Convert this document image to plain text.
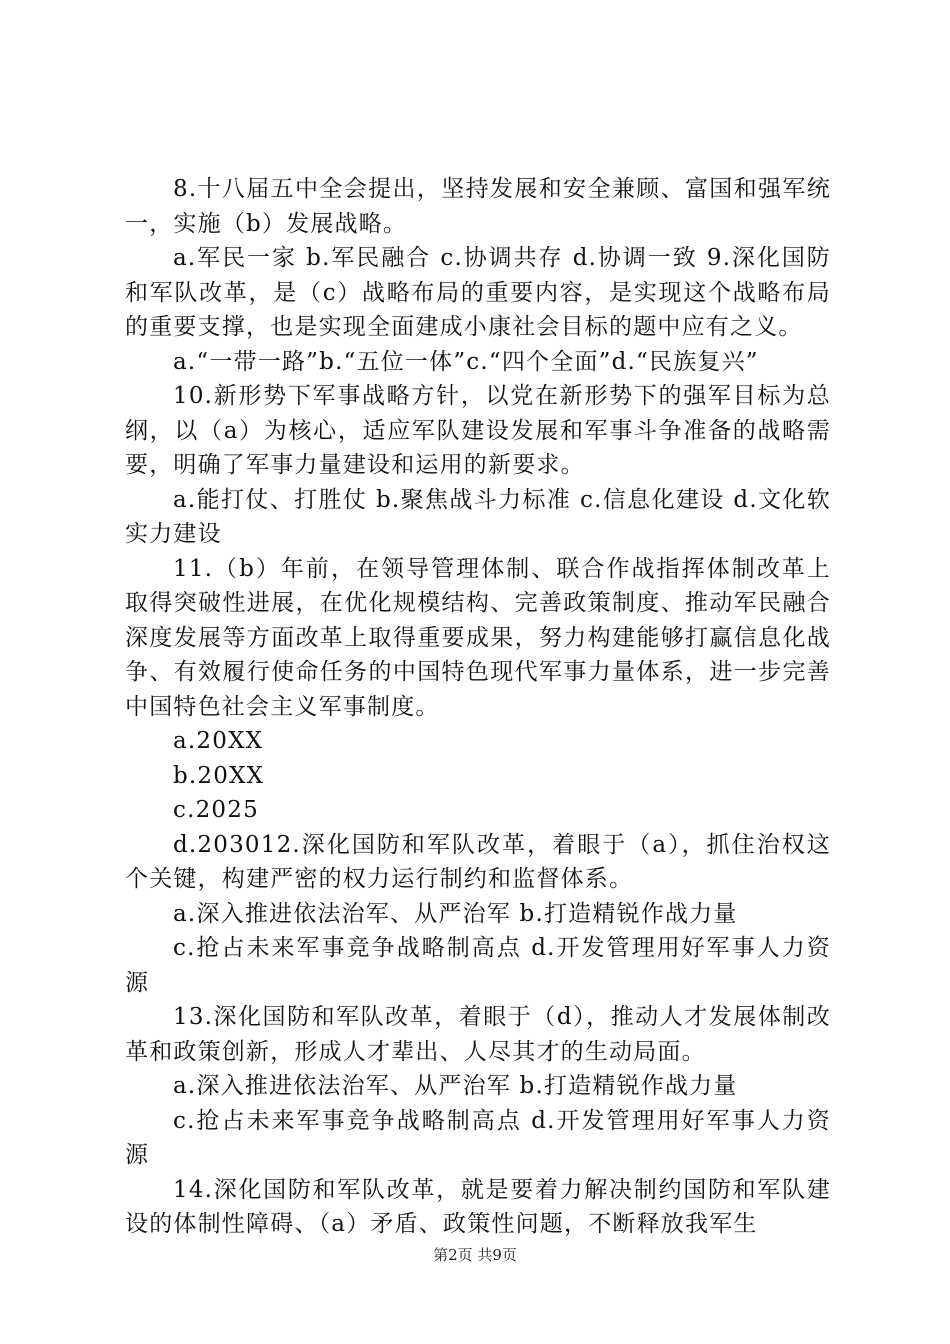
8.十八届五中全会提出，坚持发展和安全兼顾、富国和强军统一，实施（b）发展战略。

a.军民一家 b.军民融合 c.协调共存 d.协调一致 9.深化国防和军队改革，是（c）战略布局的重要内容，是实现这个战略布局的重要支撑，也是实现全面建成小康社会目标的题中应有之义。

a.“一带一路”b.“五位一体”c.“四个全面”d.“民族复兴”

10.新形势下军事战略方针，以党在新形势下的强军目标为总纲，以（a）为核心，适应军队建设发展和军事斗争准备的战略需要，明确了军事力量建设和运用的新要求。

a.能打仗、打胜仗 b.聚焦战斗力标准 c.信息化建设 d.文化软实力建设

11.（b）年前，在领导管理体制、联合作战指挥体制改革上取得突破性进展，在优化规模结构、完善政策制度、推动军民融合深度发展等方面改革上取得重要成果，努力构建能够打赢信息化战争、有效履行使命任务的中国特色现代军事力量体系，进一步完善中国特色社会主义军事制度。

a.20XX

b.20XX

c.2025

d.203012.深化国防和军队改革，着眼于（a），抓住治权这个关键，构建严密的权力运行制约和监督体系。

a.深入推进依法治军、从严治军 b.打造精锐作战力量

c.抢占未来军事竞争战略制高点 d.开发管理用好军事人力资源

13.深化国防和军队改革，着眼于（d），推动人才发展体制改革和政策创新，形成人才辈出、人尽其才的生动局面。

a.深入推进依法治军、从严治军 b.打造精锐作战力量

c.抢占未来军事竞争战略制高点 d.开发管理用好军事人力资源

14.深化国防和军队改革，就是要着力解决制约国防和军队建设的体制性障碍、（a）矛盾、政策性问题，不断释放我军生

第2页 共9页
